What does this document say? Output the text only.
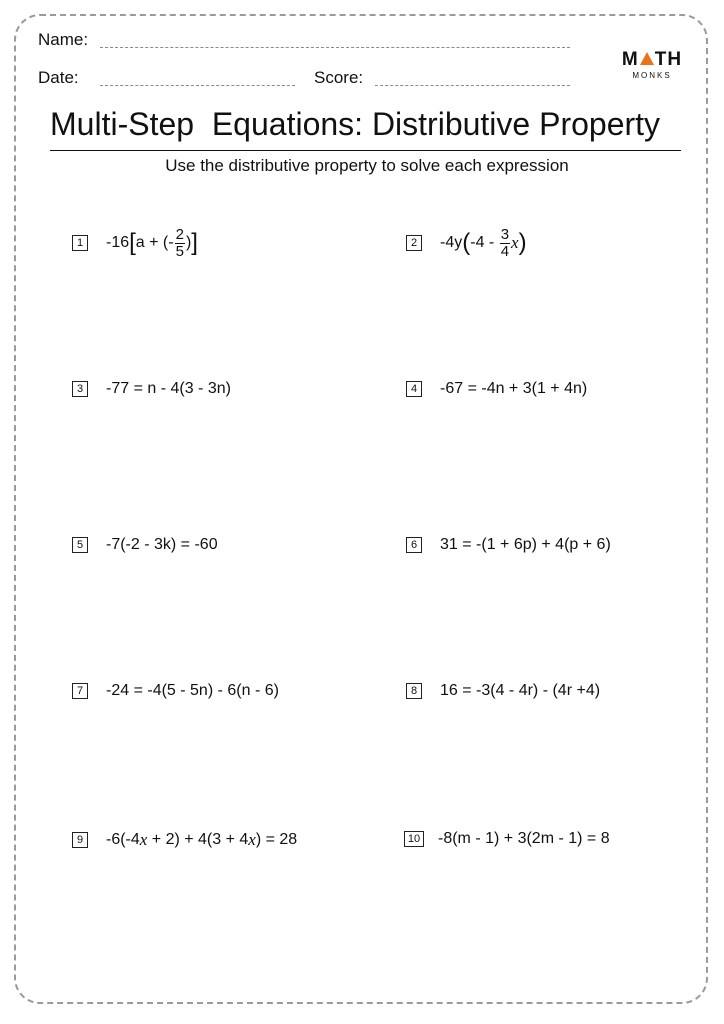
Name:
Date:	Score:
M TH
MONKS
Multi-Step  Equations: Distributive Property
Use the distributive property to solve each expression
1	-16 [ a + (- $\frac{2}{5}$ ) ]	2	-4y ( $-4 - \frac{3}{4}$ x )
3	-77 = n - 4(3 - 3n)	4	-67 = -4n + 3(1 + 4n)
5	-7(-2 - 3k) = -60	6	31 = -(1 + 6p) + 4(p + 6)
7	-24 = -4(5 - 5n) - 6(n - 6)	8	16 = -3(4 - 4r) - (4r +4)
9	-6(-4 x + 2) + 4(3 + 4 x ) = 28	10 -8(m - 1) + 3(2m - 1) = 8
